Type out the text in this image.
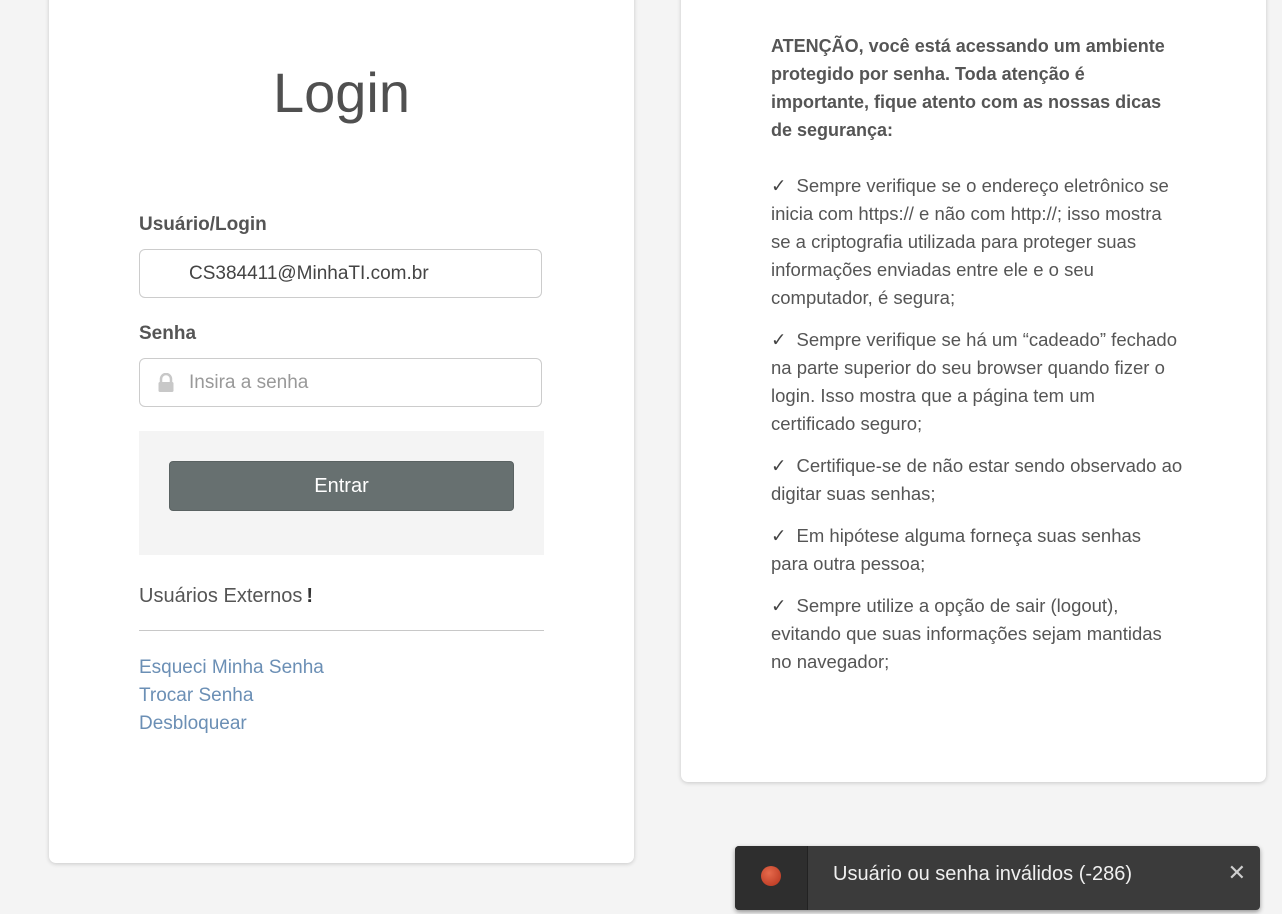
Login
Usuário/Login
CS384411@MinhaTI.com.br
Senha
Entrar
Usuários Externos !
Esqueci Minha Senha
Trocar Senha
Desbloquear
ATENÇÃO, você está acessando um ambiente protegido por senha. Toda atenção é importante, fique atento com as nossas dicas de segurança:
✓ Sempre verifique se o endereço eletrônico se inicia com https:// e não com http://; isso mostra se a criptografia utilizada para proteger suas informações enviadas entre ele e o seu computador, é segura;
✓ Sempre verifique se há um “cadeado” fechado na parte superior do seu browser quando fizer o login. Isso mostra que a página tem um certificado seguro;
✓ Certifique-se de não estar sendo observado ao digitar suas senhas;
✓ Em hipótese alguma forneça suas senhas para outra pessoa;
✓ Sempre utilize a opção de sair (logout), evitando que suas informações sejam mantidas no navegador;
Usuário ou senha inválidos (-286)	✕
